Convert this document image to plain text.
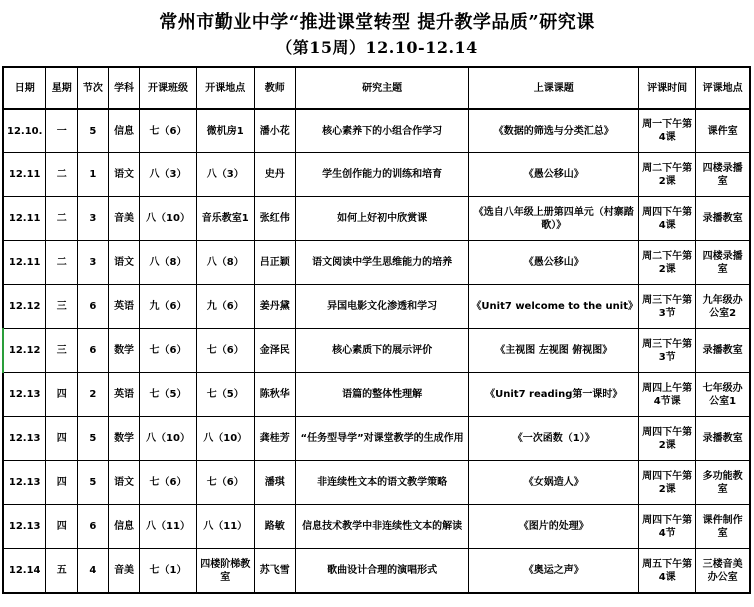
常州市勤业中学“推进课堂转型 提升教学品质”研究课
（第15周）12.10-12.14
日期	星期	节次	学科	开课班级	开课地点	教师	研究主题	上课课题	评课时间	评课地点
12.10.	一	5	信息	七（6）	微机房1	潘小花	核心素养下的小组合作学习	《数据的筛选与分类汇总》	周一下午第4课	课件室
12.11	二	1	语文	八（3）	八（3）	史丹	学生创作能力的训练和培育	《愚公移山》	周二下午第2课	四楼录播室
12.11	二	3	音美	八（10）	音乐教室1	张红伟	如何上好初中欣赏课	《选自八年级上册第四单元（村寨踏歌）》	周四下午第4课	录播教室
12.11	二	3	语文	八（8）	八（8）	吕正颖	语文阅读中学生思维能力的培养	《愚公移山》	周二下午第2课	四楼录播室
12.12	三	6	英语	九（6）	九（6）	姜丹黛	异国电影文化渗透和学习	《Unit7 welcome to the unit》	周三下午第3节	九年级办公室2
12.12	三	6	数学	七（6）	七（6）	金泽民	核心素质下的展示评价	《主视图 左视图 俯视图》	周三下午第3节	录播教室
12.13	四	2	英语	七（5）	七（5）	陈秋华	语篇的整体性理解	《Unit7 reading第一课时》	周四上午第4节课	七年级办公室1
12.13	四	5	数学	八（10）	八（10）	龚桂芳	“任务型导学”对课堂教学的生成作用	《一次函数（1）》	周四下午第2课	录播教室
12.13	四	5	语文	七（6）	七（6）	潘琪	非连续性文本的语文教学策略	《女娲造人》	周四下午第2课	多功能教室
12.13	四	6	信息	八（11）	八（11）	路敏	信息技术教学中非连续性文本的解读	《图片的处理》	周四下午第4节	课件制作室
12.14	五	4	音美	七（1）	四楼阶梯教室	苏飞雪	歌曲设计合理的演唱形式	《奥运之声》	周五下午第4课	三楼音美办公室
